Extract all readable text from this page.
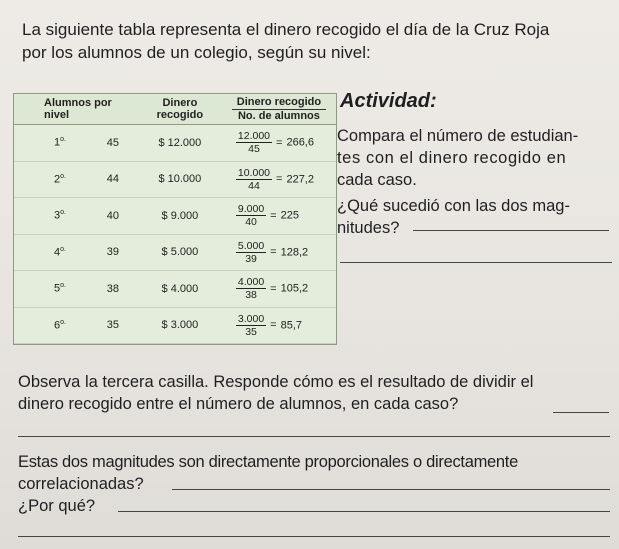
La siguiente tabla representa el dinero recogido el día de la Cruz Roja

por los alumnos de un colegio, según su nivel:

Alumnos por nivel		Dinero recogido	Dinero recogido
No. de alumnos

$1^{o.}$	45	$ 12.000	$\frac{12.000}{45} = 266,6$
$2^{o.}$	44	$ 10.000	$\frac{10.000}{44} = 227,2$
$3^{o.}$	40	$ 9.000	$\frac{9.000}{40} = 225$
$4^{o.}$	39	$ 5.000	$\frac{5.000}{39} = 128,2$
$5^{o.}$	38	$ 4.000	$\frac{4.000}{38} = 105,2$
$6^{o.}$	35	$ 3.000	$\frac{3.000}{35} = 85,7$
Actividad:

Compara el número de estudian-

tes con el dinero recogido en

cada caso.

¿Qué sucedió con las dos mag-

nitudes?

Observa la tercera casilla. Responde cómo es el resultado de dividir el
dinero recogido entre el número de alumnos, en cada caso?
Estas dos magnitudes son directamente proporcionales o directamente
correlacionadas?
¿Por qué?
